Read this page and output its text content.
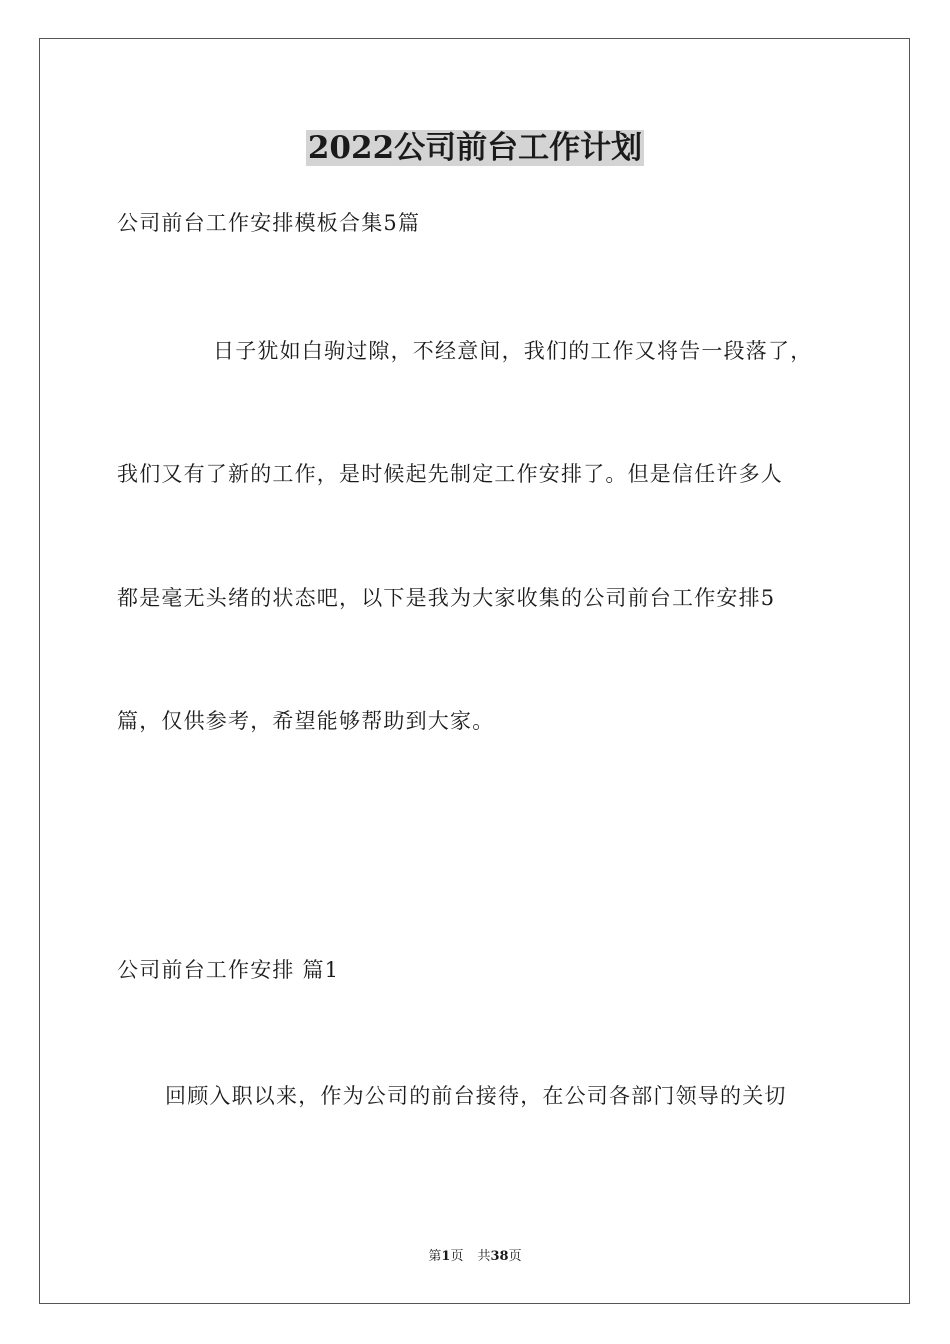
2022公司前台工作计划
公司前台工作安排模板合集5篇
日子犹如白驹过隙，不经意间，我们的工作又将告一段落了，
我们又有了新的工作，是时候起先制定工作安排了。但是信任许多人
都是毫无头绪的状态吧，以下是我为大家收集的公司前台工作安排5
篇，仅供参考，希望能够帮助到大家。
公司前台工作安排 篇1
回顾入职以来，作为公司的前台接待，在公司各部门领导的关切
第1页 共38页
